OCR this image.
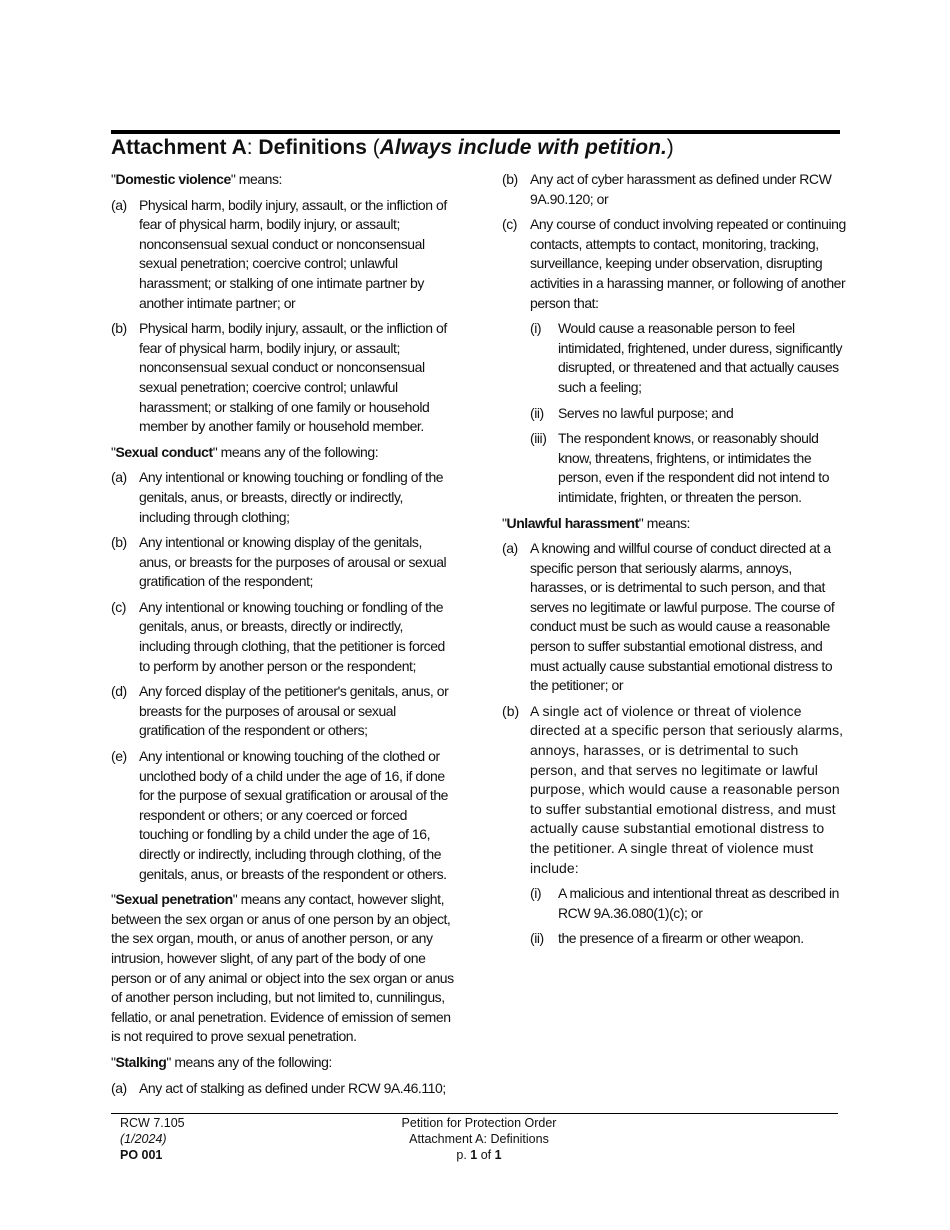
Attachment A: Definitions (Always include with petition.)

"Domestic violence" means:

(a) Physical harm, bodily injury, assault, or the infliction of fear of physical harm, bodily injury, or assault; nonconsensual sexual conduct or nonconsensual sexual penetration; coercive control; unlawful harassment; or stalking of one intimate partner by another intimate partner; or
(b) Physical harm, bodily injury, assault, or the infliction of fear of physical harm, bodily injury, or assault; nonconsensual sexual conduct or nonconsensual sexual penetration; coercive control; unlawful harassment; or stalking of one family or household member by another family or household member.

"Sexual conduct" means any of the following:

(a) Any intentional or knowing touching or fondling of the genitals, anus, or breasts, directly or indirectly, including through clothing;
(b) Any intentional or knowing display of the genitals, anus, or breasts for the purposes of arousal or sexual gratification of the respondent;
(c) Any intentional or knowing touching or fondling of the genitals, anus, or breasts, directly or indirectly, including through clothing, that the petitioner is forced to perform by another person or the respondent;
(d) Any forced display of the petitioner's genitals, anus, or breasts for the purposes of arousal or sexual gratification of the respondent or others;
(e) Any intentional or knowing touching of the clothed or unclothed body of a child under the age of 16, if done for the purpose of sexual gratification or arousal of the respondent or others; or any coerced or forced touching or fondling by a child under the age of 16, directly or indirectly, including through clothing, of the genitals, anus, or breasts of the respondent or others.

"Sexual penetration" means any contact, however slight, between the sex organ or anus of one person by an object, the sex organ, mouth, or anus of another person, or any intrusion, however slight, of any part of the body of one person or of any animal or object into the sex organ or anus of another person including, but not limited to, cunnilingus, fellatio, or anal penetration. Evidence of emission of semen is not required to prove sexual penetration.

"Stalking" means any of the following:

(a) Any act of stalking as defined under RCW 9A.46.110;
(b) Any act of cyber harassment as defined under RCW 9A.90.120; or
(c) Any course of conduct involving repeated or continuing contacts, attempts to contact, monitoring, tracking, surveillance, keeping under observation, disrupting activities in a harassing manner, or following of another person that:
(i)	Would cause a reasonable person to feel intimidated, frightened, under duress, significantly disrupted, or threatened and that actually causes such a feeling;
(ii)	Serves no lawful purpose; and
(iii) The respondent knows, or reasonably should know, threatens, frightens, or intimidates the person, even if the respondent did not intend to intimidate, frighten, or threaten the person.

"Unlawful harassment" means:

(a) A knowing and willful course of conduct directed at a specific person that seriously alarms, annoys, harasses, or is detrimental to such person, and that serves no legitimate or lawful purpose. The course of conduct must be such as would cause a reasonable person to suffer substantial emotional distress, and must actually cause substantial emotional distress to the petitioner; or
(b) A single act of violence or threat of violence directed at a specific person that seriously alarms, annoys, harasses, or is detrimental to such person, and that serves no legitimate or lawful purpose, which would cause a reasonable person to suffer substantial emotional distress, and must actually cause substantial emotional distress to the petitioner. A single threat of violence must include:
(i)	A malicious and intentional threat as described in RCW 9A.36.080(1)(c); or
(ii)	the presence of a firearm or other weapon.
RCW 7.105
(1/2024)
PO 001
Petition for Protection Order
Attachment A: Definitions
p. 1 of 1
